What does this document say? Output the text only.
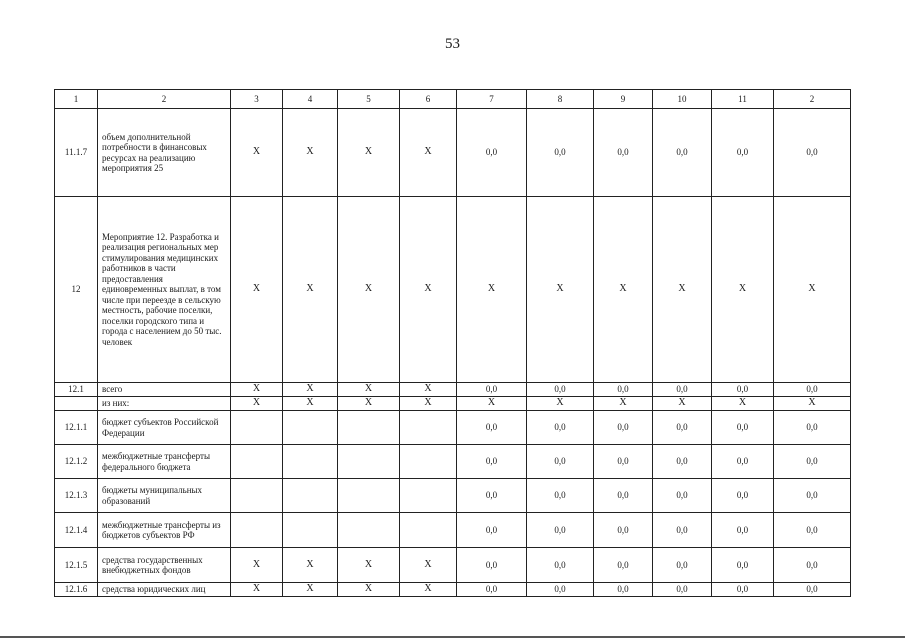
53
1	2	3	4	5	6	7	8	9	10	11	2
11.1.7	объем дополнительной потребности в финансовых ресурсах на реализацию мероприятия 25	X	X	X	X	0,0	0,0	0,0	0,0	0,0	0,0
12	Мероприятие 12. Разработка и реализация региональных мер стимулирования медицинских работников в части предоставления единовременных выплат, в том числе при переезде в сельскую местность, рабочие поселки, поселки городского типа и города с населением до 50 тыс. человек	X	X	X	X	X	X	X	X	X	X
12.1	всего	X	X	X	X	0,0	0,0	0,0	0,0	0,0	0,0
	из них:	X	X	X	X	X	X	X	X	X	X
12.1.1	бюджет субъектов Российской Федерации					0,0	0,0	0,0	0,0	0,0	0,0
12.1.2	межбюджетные трансферты федерального бюджета					0,0	0,0	0,0	0,0	0,0	0,0
12.1.3	бюджеты муниципальных образований					0,0	0,0	0,0	0,0	0,0	0,0
12.1.4	межбюджетные трансферты из бюджетов субъектов РФ					0,0	0,0	0,0	0,0	0,0	0,0
12.1.5	средства государственных внебюджетных фондов	X	X	X	X	0,0	0,0	0,0	0,0	0,0	0,0
12.1.6	средства юридических лиц	X	X	X	X	0,0	0,0	0,0	0,0	0,0	0,0
